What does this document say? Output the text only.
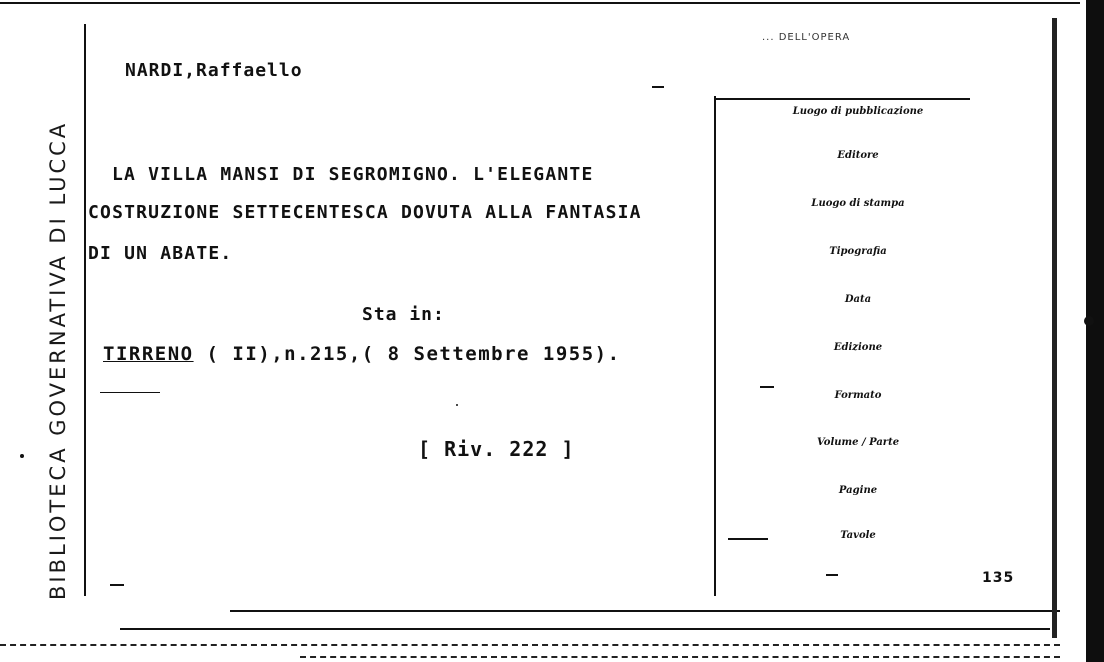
BIBLIOTECA GOVERNATIVA DI LUCCA
NARDI,Raffaello
LA VILLA MANSI DI SEGROMIGNO. L'ELEGANTE
COSTRUZIONE SETTECENTESCA DOVUTA ALLA FANTASIA
DI UN ABATE.
Sta in:
TIRRENO ( II),n.215,( 8 Settembre 1955).
[ Riv. 222 ]
... DELL'OPERA
Luogo di pubblicazione
Editore
Luogo di stampa
Tipografia
Data
Edizione
Formato
Volume / Parte
Pagine
Tavole
135
